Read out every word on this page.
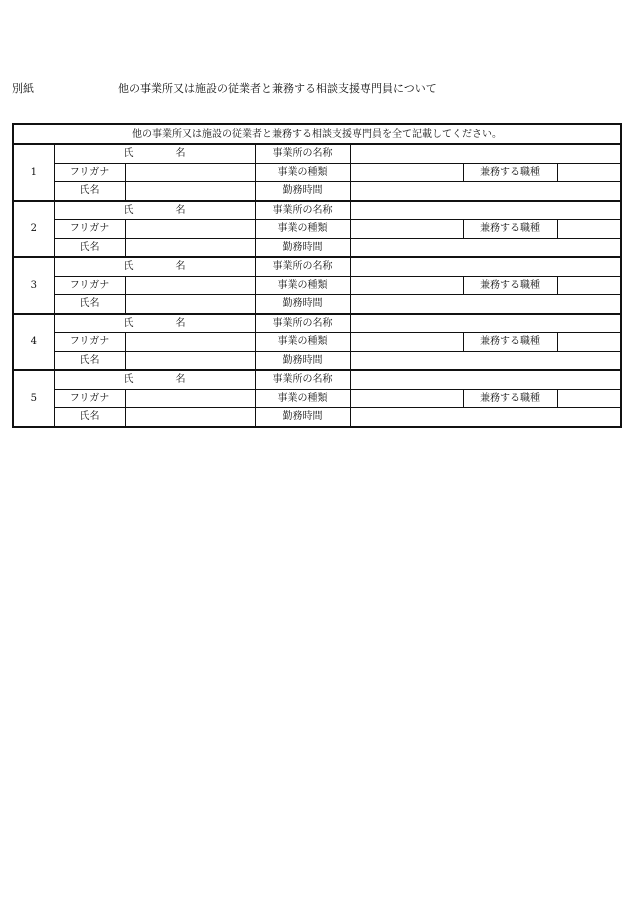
別紙	他の事業所又は施設の従業者と兼務する相談支援専門員について
他の事業所又は施設の従業者と兼務する相談支援専門員を全て記載してください。						
1	氏 名		事業所の名称			
	フリガナ		事業の種類		兼務する職種	
	氏名		勤務時間			
2	氏 名		事業所の名称			
	フリガナ		事業の種類		兼務する職種	
	氏名		勤務時間			
3	氏 名		事業所の名称			
	フリガナ		事業の種類		兼務する職種	
	氏名		勤務時間			
4	氏 名		事業所の名称			
	フリガナ		事業の種類		兼務する職種	
	氏名		勤務時間			
5	氏 名		事業所の名称			
	フリガナ		事業の種類		兼務する職種	
	氏名		勤務時間			
